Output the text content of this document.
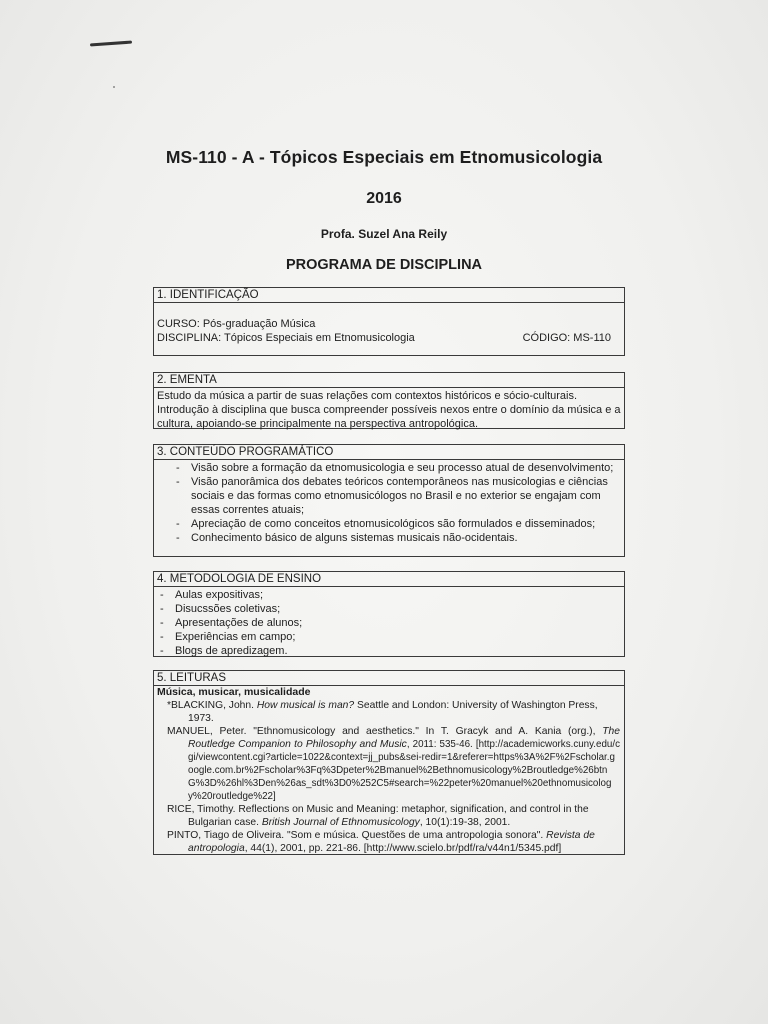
MS-110 - A - Tópicos Especiais em Etnomusicologia
2016
Profa. Suzel Ana Reily
PROGRAMA DE DISCIPLINA
1. IDENTIFICAÇÃO
CURSO: Pós-graduação Música
DISCIPLINA: Tópicos Especiais em Etnomusicologia	CÓDIGO: MS-110
2. EMENTA
Estudo da música a partir de suas relações com contextos históricos e sócio-culturais. Introdução à disciplina que busca compreender possíveis nexos entre o domínio da música e a cultura, apoiando-se principalmente na perspectiva antropológica.
3. CONTEÚDO PROGRAMÁTICO
- Visão sobre a formação da etnomusicologia e seu processo atual de desenvolvimento;
- Visão panorâmica dos debates teóricos contemporâneos nas musicologias e ciências sociais e das formas como etnomusicólogos no Brasil e no exterior se engajam com essas correntes atuais;
- Apreciação de como conceitos etnomusicológicos são formulados e disseminados;
- Conhecimento básico de alguns sistemas musicais não-ocidentais.
4. METODOLOGIA DE ENSINO
- Aulas expositivas;
- Disucssões coletivas;
- Apresentações de alunos;
- Experiências em campo;
- Blogs de apredizagem.
5. LEITURAS
Música, musicar, musicalidade
*BLACKING, John. How musical is man? Seattle and London: University of Washington Press, 1973.
MANUEL, Peter. "Ethnomusicology and aesthetics." In T. Gracyk and A. Kania (org.), The Routledge Companion to Philosophy and Music, 2011: 535-46. [http://academicworks.cuny.edu/cgi/viewcontent.cgi?article=1022&context=jj_pubs&sei-redir=1&referer=https%3A%2F%2Fscholar.google.com.br%2Fscholar%3Fq%3Dpeter%2Bmanuel%2Bethnomusicology%2Broutledge%26btnG%3D%26hl%3Den%26as_sdt%3D0%252C5#search=%22peter%20manuel%20ethnomusicology%20routledge%22]
RICE, Timothy. Reflections on Music and Meaning: metaphor, signification, and control in the Bulgarian case. British Journal of Ethnomusicology, 10(1):19-38, 2001.
PINTO, Tiago de Oliveira. "Som e música. Questões de uma antropologia sonora". Revista de antropologia, 44(1), 2001, pp. 221-86. [http://www.scielo.br/pdf/ra/v44n1/5345.pdf]
